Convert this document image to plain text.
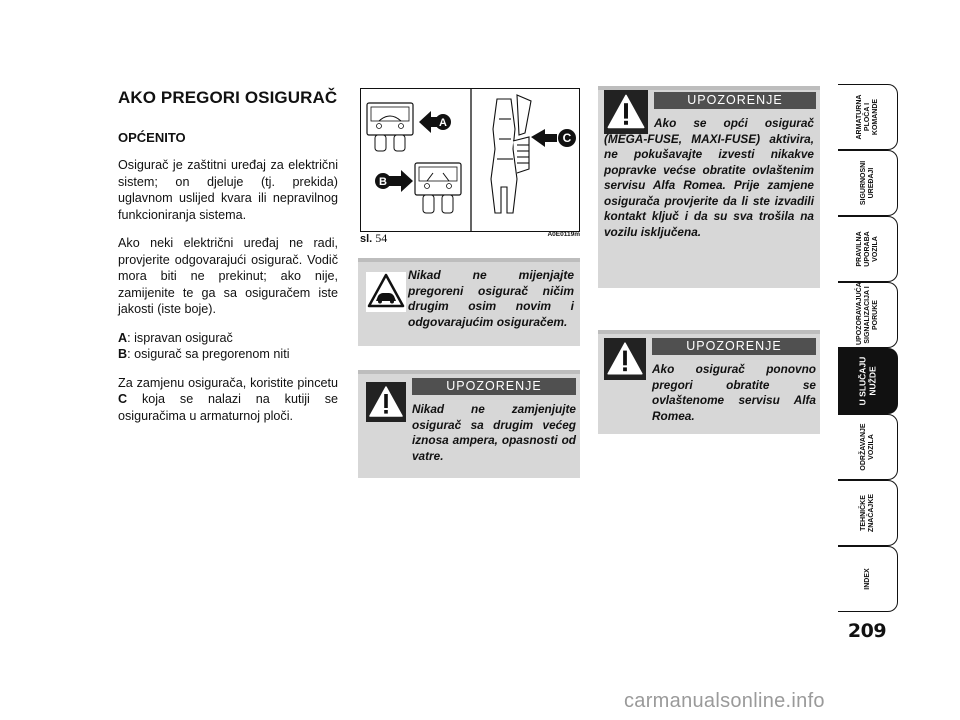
AKO PREGORI OSIGURAČ
OPĆENITO

Osigurač je zaštitni uređaj za električni sistem; on djeluje (tj. prekida) uglavnom uslijed kvara ili nepravilnog funkcioniranja sistema.

Ako neki električni uređaj ne radi, provjerite odgovarajući osigurač. Vodič mora biti ne prekinut; ako nije, zamijenite te ga sa osiguračem iste jakosti (iste boje).

A: ispravan osigurač
B: osigurač sa pregorenom niti

Za zamjenu osigurača, koristite pincetu C koja se nalazi na kutiji se osiguračima u armaturnoj ploči.

A
B
C
sl. 54	A0E0119m
Nikad ne mijenjajte pregoreni osigurač ničim drugim osim novim i odgovarajućim osiguračem.
UPOZORENJE
Nikad ne zamjenjujte osigurač sa drugim većeg iznosa ampera, opasnosti od vatre.
UPOZORENJE
Ako se opći osigurač (MEGA-FUSE, MAXI-FUSE) aktivira, ne pokušavajte izvesti nikakve popravke većse obratite ovlaštenim servisu Alfa Romea. Prije zamjene osigurača provjerite da li ste izvadili kontakt ključ i da su sva trošila na vozilu isključena.
UPOZORENJE
Ako osigurač ponovno pregori obratite se ovlaštenome servisu Alfa Romea.
ARMATURNA
PLOČA I
KOMANDE
SIGURNOSNI
UREĐAJI
PRAVILNA
UPORABA
VOZILA
UPOZORAVAJUĆA
SIGNALIZACIJA I
PORUKE
U SLUČAJU
NUŽDE
ODRŽAVANJE
VOZILA
TEHNIČKE
ZNAČAJKE
INDEX
209
carmanualsonline.info
